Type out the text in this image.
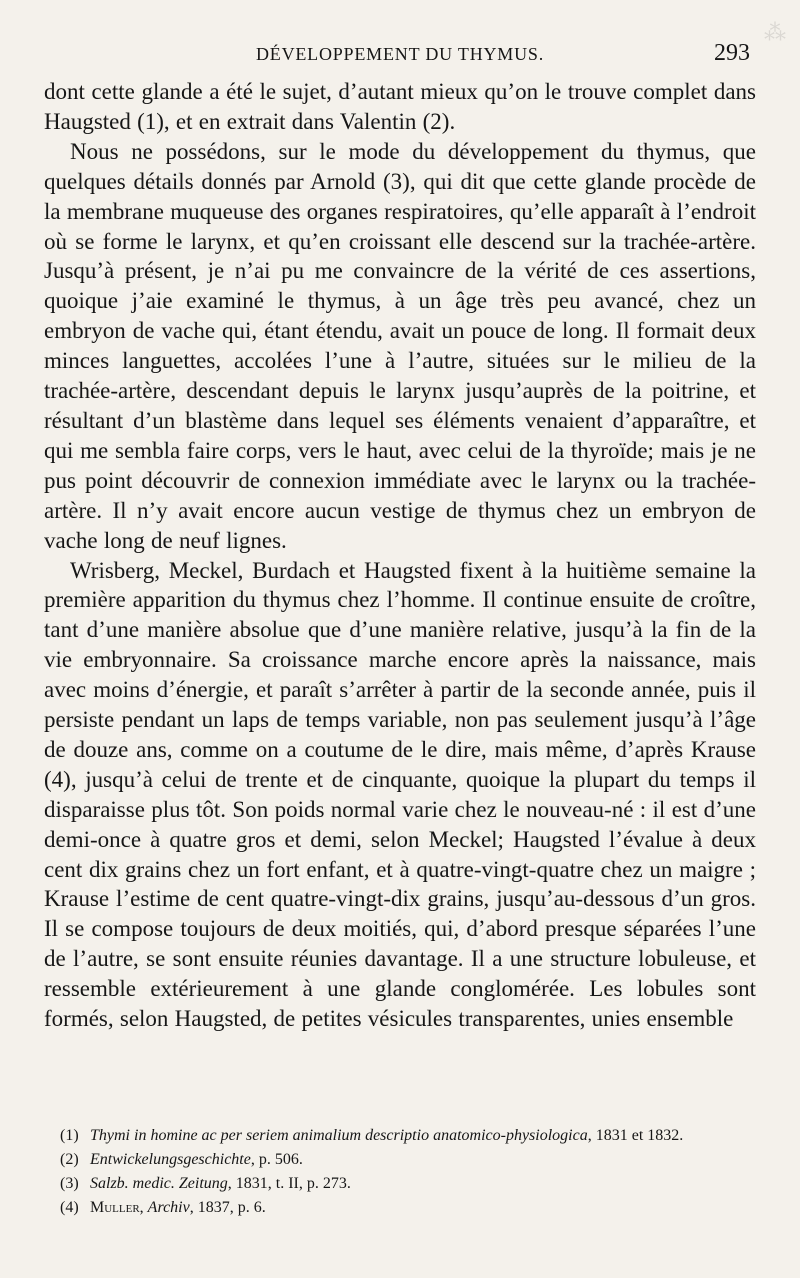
⁂
DÉVELOPPEMENT DU THYMUS.	293

dont cette glande a été le sujet, d’autant mieux qu’on le trouve complet dans Haugsted (1), et en extrait dans Valentin (2).

Nous ne possédons, sur le mode du développement du thymus, que quelques détails donnés par Arnold (3), qui dit que cette glande procède de la membrane muqueuse des organes respiratoires, qu’elle apparaît à l’endroit où se forme le larynx, et qu’en croissant elle descend sur la trachée-artère. Jusqu’à présent, je n’ai pu me convaincre de la vérité de ces assertions, quoique j’aie examiné le thymus, à un âge très peu avancé, chez un embryon de vache qui, étant étendu, avait un pouce de long. Il formait deux minces languettes, accolées l’une à l’autre, situées sur le milieu de la trachée-artère, descendant depuis le larynx jusqu’auprès de la poitrine, et résultant d’un blastème dans lequel ses éléments venaient d’apparaître, et qui me sembla faire corps, vers le haut, avec celui de la thyroïde; mais je ne pus point découvrir de connexion immédiate avec le larynx ou la trachée-artère. Il n’y avait encore aucun vestige de thymus chez un embryon de vache long de neuf lignes.

Wrisberg, Meckel, Burdach et Haugsted fixent à la huitième semaine la première apparition du thymus chez l’homme. Il continue ensuite de croître, tant d’une manière absolue que d’une manière relative, jusqu’à la fin de la vie embryonnaire. Sa croissance marche encore après la naissance, mais avec moins d’énergie, et paraît s’arrêter à partir de la seconde année, puis il persiste pendant un laps de temps variable, non pas seulement jusqu’à l’âge de douze ans, comme on a coutume de le dire, mais même, d’après Krause (4), jusqu’à celui de trente et de cinquante, quoique la plupart du temps il disparaisse plus tôt. Son poids normal varie chez le nouveau-né : il est d’une demi-once à quatre gros et demi, selon Meckel; Haugsted l’évalue à deux cent dix grains chez un fort enfant, et à quatre-vingt-quatre chez un maigre ; Krause l’estime de cent quatre-vingt-dix grains, jusqu’au-dessous d’un gros. Il se compose toujours de deux moitiés, qui, d’abord presque séparées l’une de l’autre, se sont ensuite réunies davantage. Il a une structure lobuleuse, et ressemble extérieurement à une glande conglomérée. Les lobules sont formés, selon Haugsted, de petites vésicules transparentes, unies ensemble

(1) Thymi in homine ac per seriem animalium descriptio anatomico-physiologica, 1831 et 1832.

(2) Entwickelungsgeschichte, p. 506.

(3) Salzb. medic. Zeitung, 1831, t. II, p. 273.

(4) Muller, Archiv, 1837, p. 6.
